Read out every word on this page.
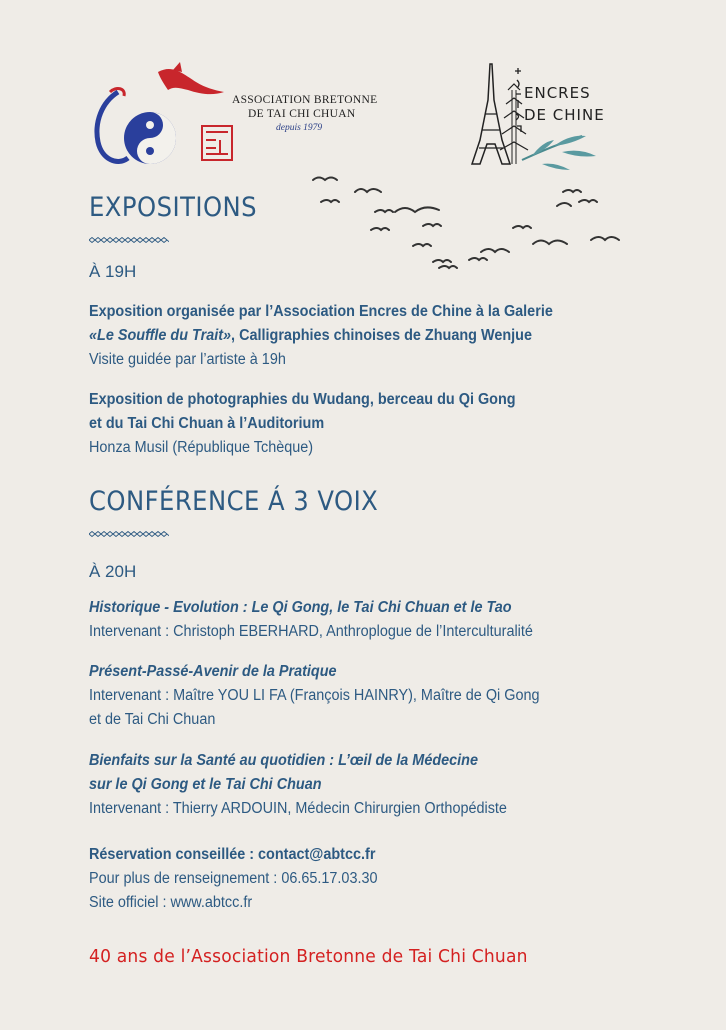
ASSOCIATION BRETONNE
DE TAI CHI CHUAN
depuis 1979
ENCRES
DE CHINE
EXPOSITIONS
À 19H
Exposition organisée par l’Association Encres de Chine à la Galerie
«Le Souffle du Trait», Calligraphies chinoises de Zhuang Wenjue
Visite guidée par l’artiste à 19h
Exposition de photographies du Wudang, berceau du Qi Gong
et du Tai Chi Chuan à l’Auditorium
Honza Musil (République Tchèque)
CONFÉRENCE Á 3 VOIX
À 20H
Historique - Evolution : Le Qi Gong, le Tai Chi Chuan et le Tao
Intervenant : Christoph EBERHARD, Anthroplogue de l’Interculturalité
Présent-Passé-Avenir de la Pratique
Intervenant : Maître YOU LI FA (François HAINRY), Maître de Qi Gong
et de Tai Chi Chuan
Bienfaits sur la Santé au quotidien : L’œil de la Médecine
sur le Qi Gong et le Tai Chi Chuan
Intervenant : Thierry ARDOUIN, Médecin Chirurgien Orthopédiste
Réservation conseillée : contact@abtcc.fr
Pour plus de renseignement : 06.65.17.03.30
Site officiel : www.abtcc.fr
40 ans de l’Association Bretonne de Tai Chi Chuan
